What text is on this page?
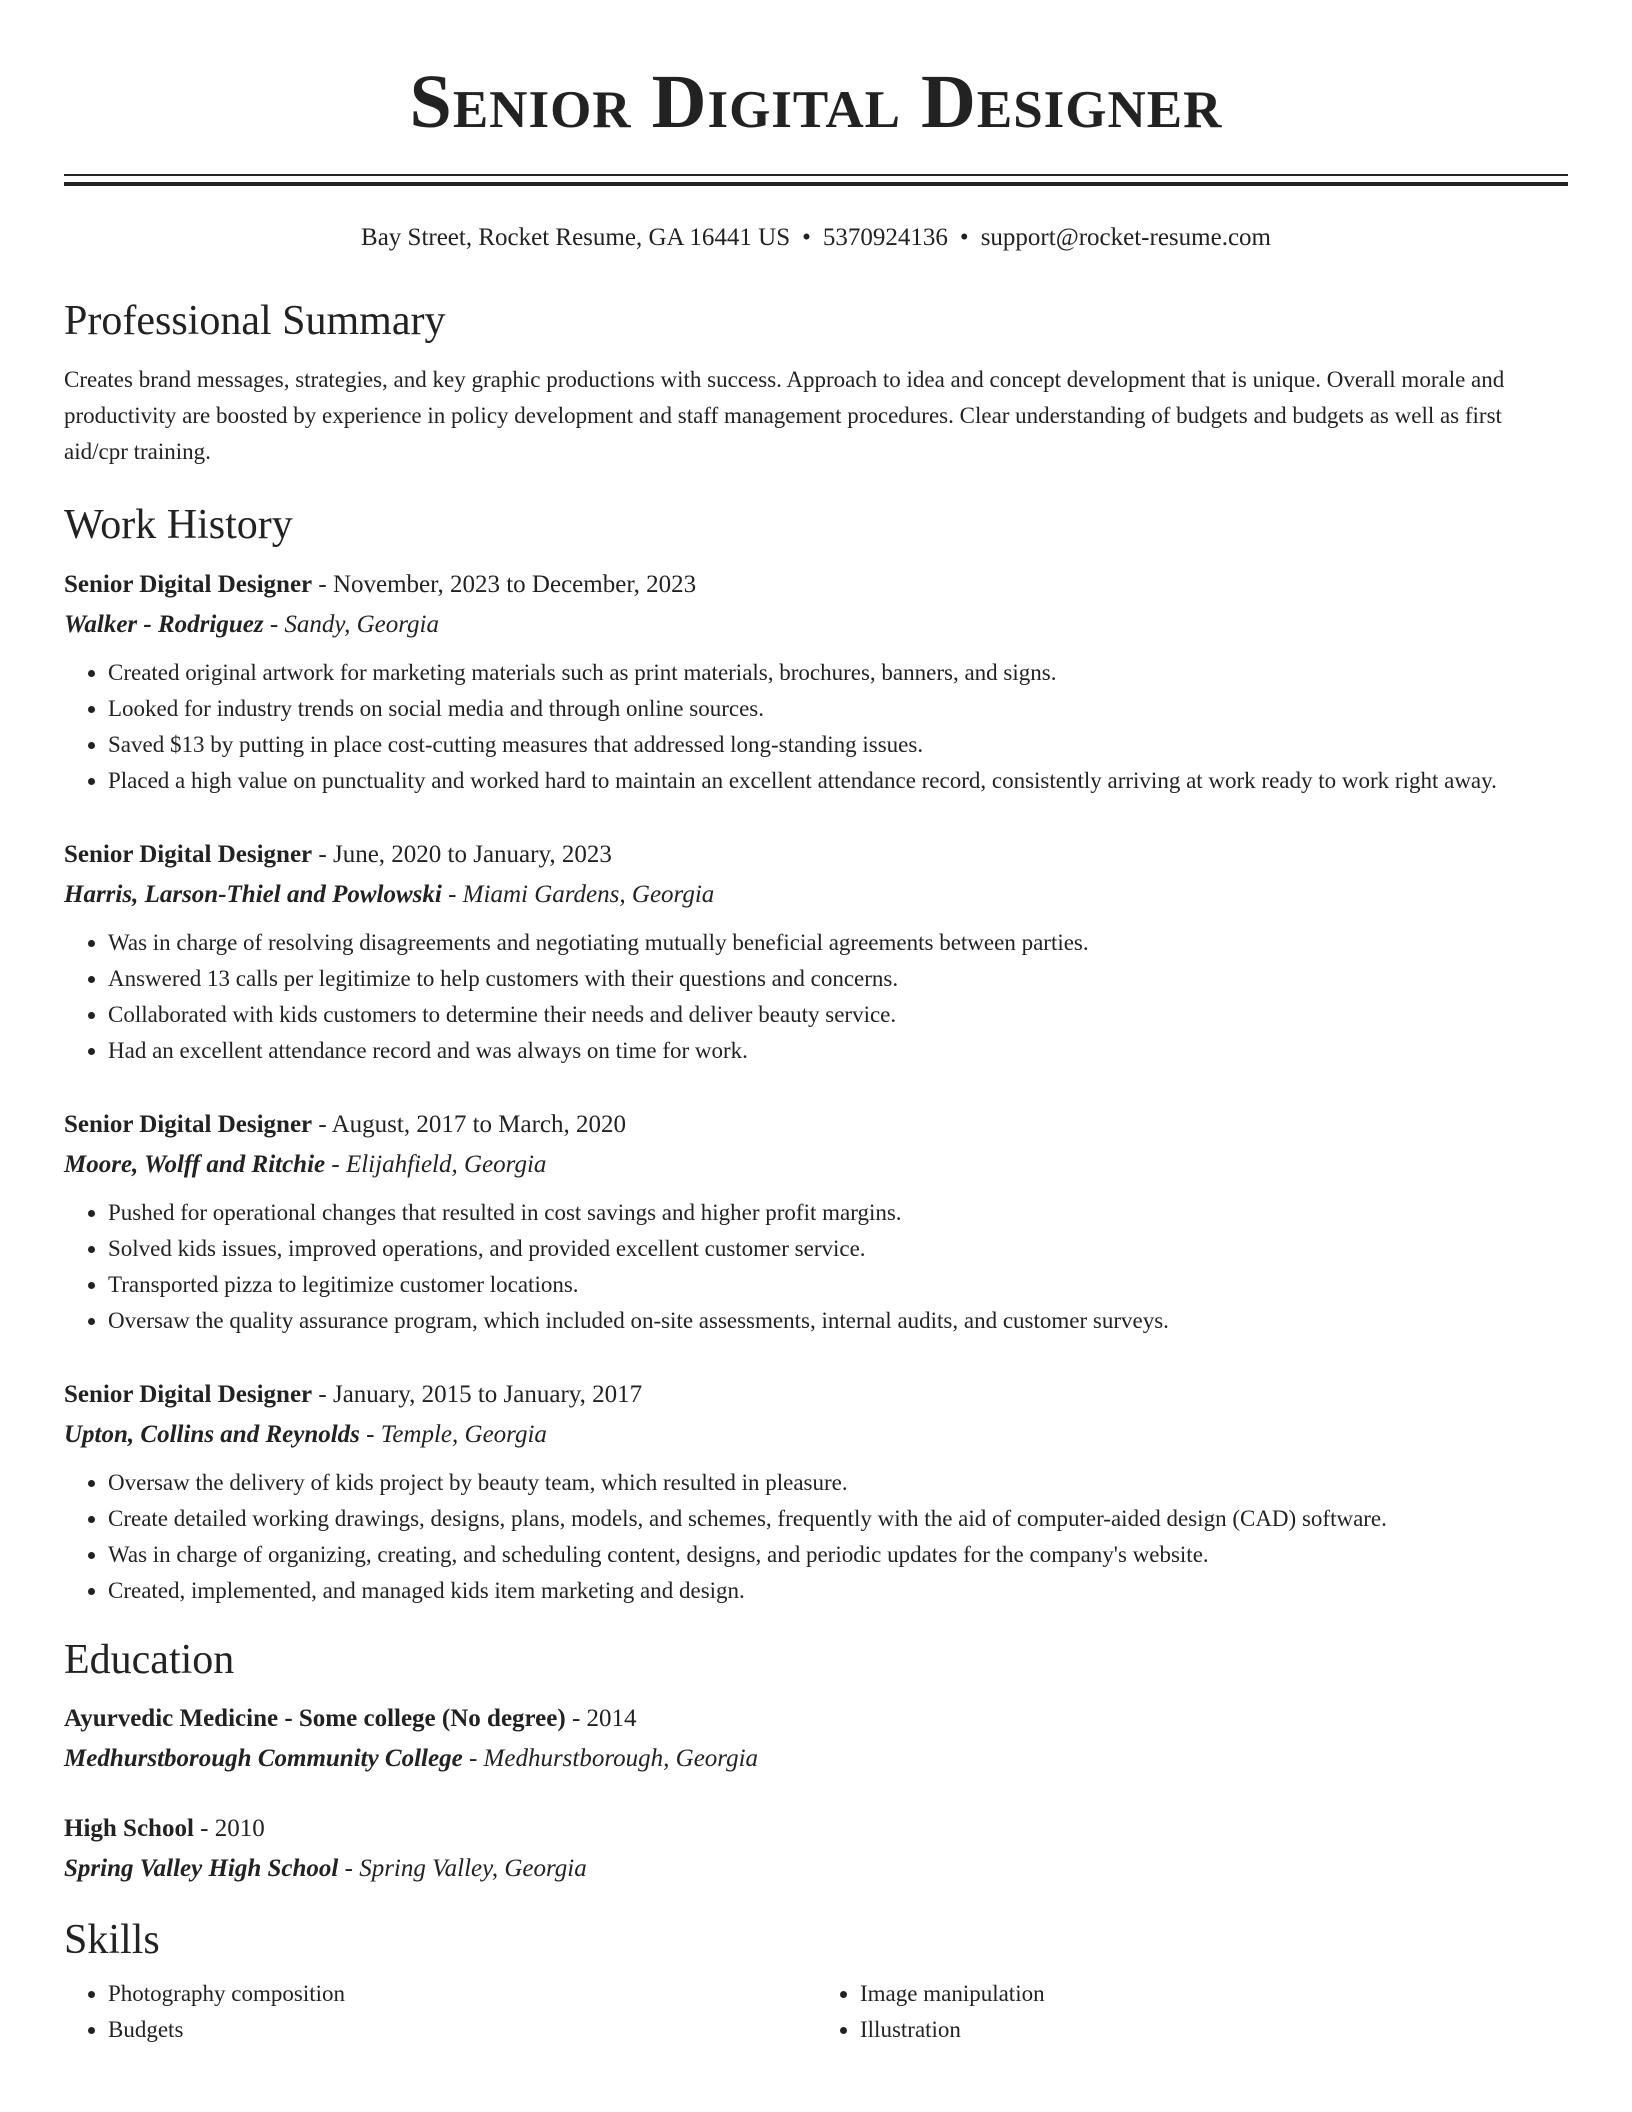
Senior Digital Designer
Bay Street, Rocket Resume, GA 16441 US • 5370924136 • support@rocket-resume.com
Professional Summary

Creates brand messages, strategies, and key graphic productions with success. Approach to idea and concept development that is unique. Overall morale and productivity are boosted by experience in policy development and staff management procedures. Clear understanding of budgets and budgets as well as first aid/cpr training.

Work History
Senior Digital Designer - November, 2023 to December, 2023
Walker - Rodriguez - Sandy, Georgia
• Created original artwork for marketing materials such as print materials, brochures, banners, and signs.
• Looked for industry trends on social media and through online sources.
• Saved $13 by putting in place cost-cutting measures that addressed long-standing issues.
• Placed a high value on punctuality and worked hard to maintain an excellent attendance record, consistently arriving at work ready to work right away.
Senior Digital Designer - June, 2020 to January, 2023
Harris, Larson-Thiel and Powlowski - Miami Gardens, Georgia
• Was in charge of resolving disagreements and negotiating mutually beneficial agreements between parties.
• Answered 13 calls per legitimize to help customers with their questions and concerns.
• Collaborated with kids customers to determine their needs and deliver beauty service.
• Had an excellent attendance record and was always on time for work.
Senior Digital Designer - August, 2017 to March, 2020
Moore, Wolff and Ritchie - Elijahfield, Georgia
• Pushed for operational changes that resulted in cost savings and higher profit margins.
• Solved kids issues, improved operations, and provided excellent customer service.
• Transported pizza to legitimize customer locations.
• Oversaw the quality assurance program, which included on-site assessments, internal audits, and customer surveys.
Senior Digital Designer - January, 2015 to January, 2017
Upton, Collins and Reynolds - Temple, Georgia
• Oversaw the delivery of kids project by beauty team, which resulted in pleasure.
• Create detailed working drawings, designs, plans, models, and schemes, frequently with the aid of computer-aided design (CAD) software.
• Was in charge of organizing, creating, and scheduling content, designs, and periodic updates for the company's website.
• Created, implemented, and managed kids item marketing and design.
Education
Ayurvedic Medicine - Some college (No degree) - 2014
Medhurstborough Community College - Medhurstborough, Georgia
High School - 2010
Spring Valley High School - Spring Valley, Georgia
Skills
• Photography composition
• Budgets
• Image manipulation
• Illustration
